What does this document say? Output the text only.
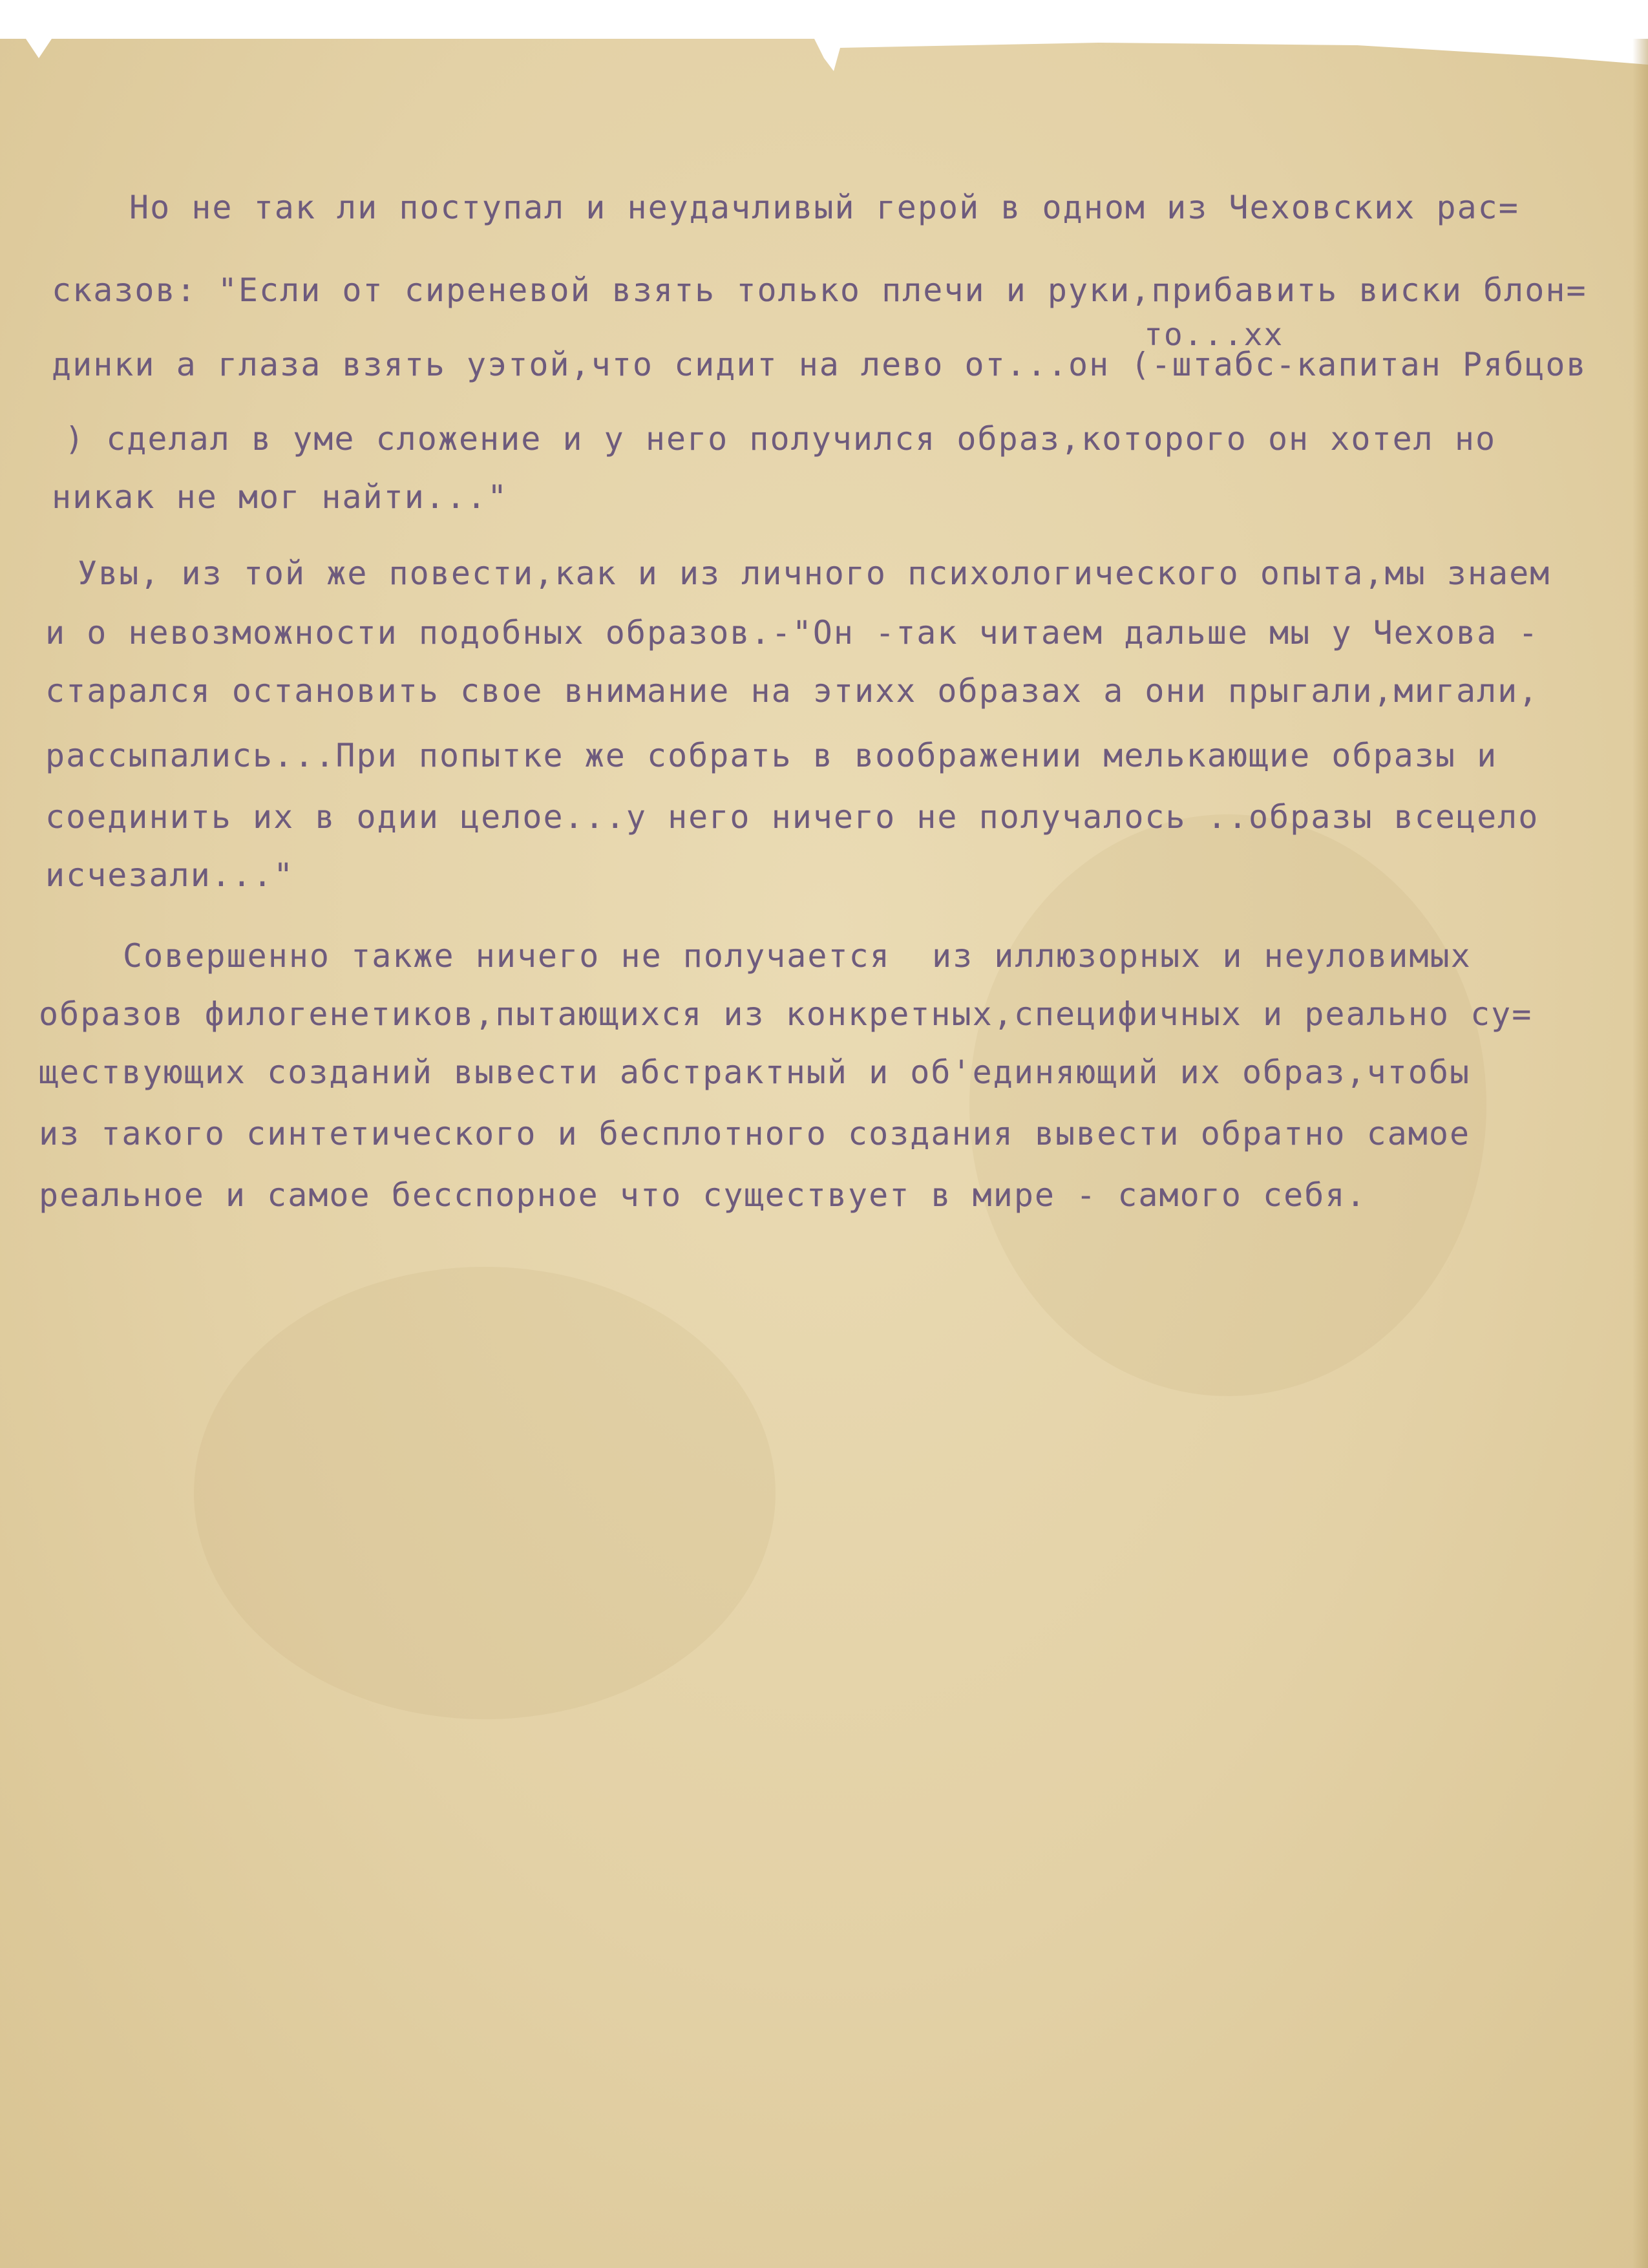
Но не так ли поступал и неудачливый герой в одном из Чеховских рас=

сказов: "Если от сиреневой взять только плечи и руки,прибавить виски блон=

то...хх

динки а глаза взять уэтой,что сидит на лево от...он (-штабс-капитан Рябцов

) сделал в уме сложение и у него получился образ,которого он хотел но

никак не мог найти..."

Увы, из той же повести,как и из личного психологического опыта,мы знаем

и о невозможности подобных образов.-"Он -так читаем дальше мы у Чехова -

старался остановить свое внимание на этихх образах а они прыгали,мигали,

рассыпались...При попытке же собрать в воображении мелькающие образы и

соединить их в одии целое...у него ничего не получалось ..образы всецело

исчезали..."

Совершенно также ничего не получается  из иллюзорных и неуловимых

образов филогенетиков,пытающихся из конкретных,специфичных и реально су=

ществующих созданий вывести абстрактный и об'единяющий их образ,чтобы

из такого синтетического и бесплотного создания вывести обратно самое

реальное и самое бесспорное что существует в мире - самого себя.
